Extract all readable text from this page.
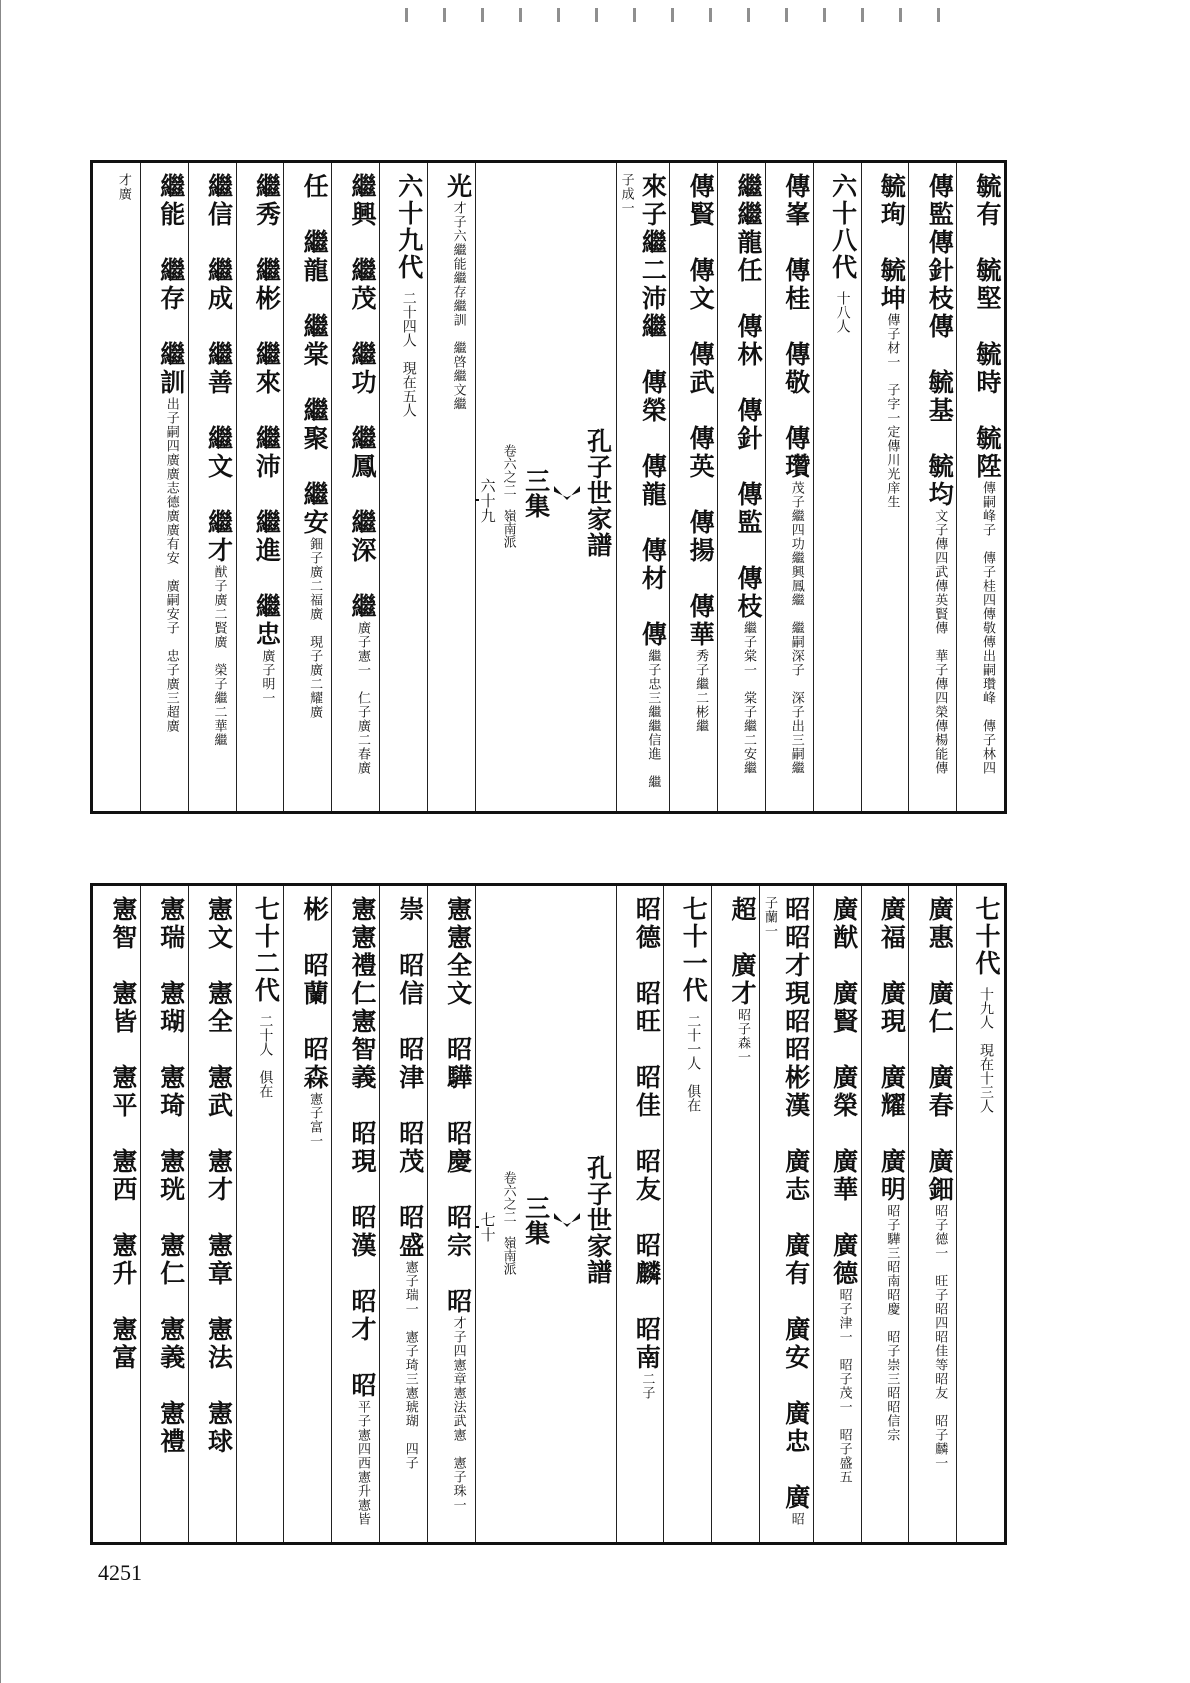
毓有　毓堅　毓時　毓陞傳嗣峰子　傳子桂四傳敬傳出嗣瓚峰　傳子林四
傳監傳針枝傳　毓基　毓均文子傳四武傳英賢傳　華子傳四榮傳楊能傳
毓珣　毓坤傳子材一　子字一定傳川光庠生
六十八代十八人
傳峯　傳桂　傳敬　傳瓚茂子繼四功繼興鳳繼　繼嗣深子　深子出三嗣繼
繼繼龍任　傳林　傳針　傳監　傳枝繼子棠一　棠子繼二安繼
傳賢　傳文　傳武　傳英　傳揚　傳華秀子繼二彬繼
來子繼二沛繼　傳榮　傳龍　傳材　傳繼子忠三繼繼信進　繼子成一
孔子世家譜
三集
卷六之二　嶺南派
六十九
光才子六繼能繼存繼訓　繼啓繼文繼
六十九代二十四人　現在五人
繼興　繼茂　繼功　繼鳳　繼深　繼廣子憲一　仁子廣二春廣
任　繼龍　繼棠　繼聚　繼安鈿子廣二福廣　現子廣二耀廣
繼秀　繼彬　繼來　繼沛　繼進　繼忠廣子明一
繼信　繼成　繼善　繼文　繼才猷子廣二賢廣　榮子繼二華繼
繼能　繼存　繼訓出子嗣四廣廣志德廣廣有安　廣嗣安子　忠子廣三超廣
才廣
七十代十九人　現在十三人
廣惠　廣仁　廣春　廣鈿昭子德一　旺子昭四昭佳等昭友　昭子麟一
廣福　廣現　廣耀　廣明昭子驊三昭南昭慶　昭子崇三昭昭信宗
廣猷　廣賢　廣榮　廣華　廣德昭子津一　昭子茂一　昭子盛五
昭昭才現昭昭彬漢　廣志　廣有　廣安　廣忠　廣昭子蘭一
超　廣才昭子森一
七十一代二十一人　俱在
昭德　昭旺　昭佳　昭友　昭麟　昭南二子
孔子世家譜
三集
卷六之二　嶺南派
七十
憲憲全文　昭驊　昭慶　昭宗　昭才子四憲章憲法武憲　憲子珠一
崇　昭信　昭津　昭茂　昭盛憲子瑞一　憲子琦三憲琥瑚　四子
憲憲禮仁憲智義　昭現　昭漢　昭才　昭平子憲四西憲升憲皆
彬　昭蘭　昭森憲子富一
七十二代二十人　俱在
憲文　憲全　憲武　憲才　憲章　憲法　憲球
憲瑞　憲瑚　憲琦　憲珖　憲仁　憲義　憲禮
憲智　憲皆　憲平　憲西　憲升　憲富
4251
